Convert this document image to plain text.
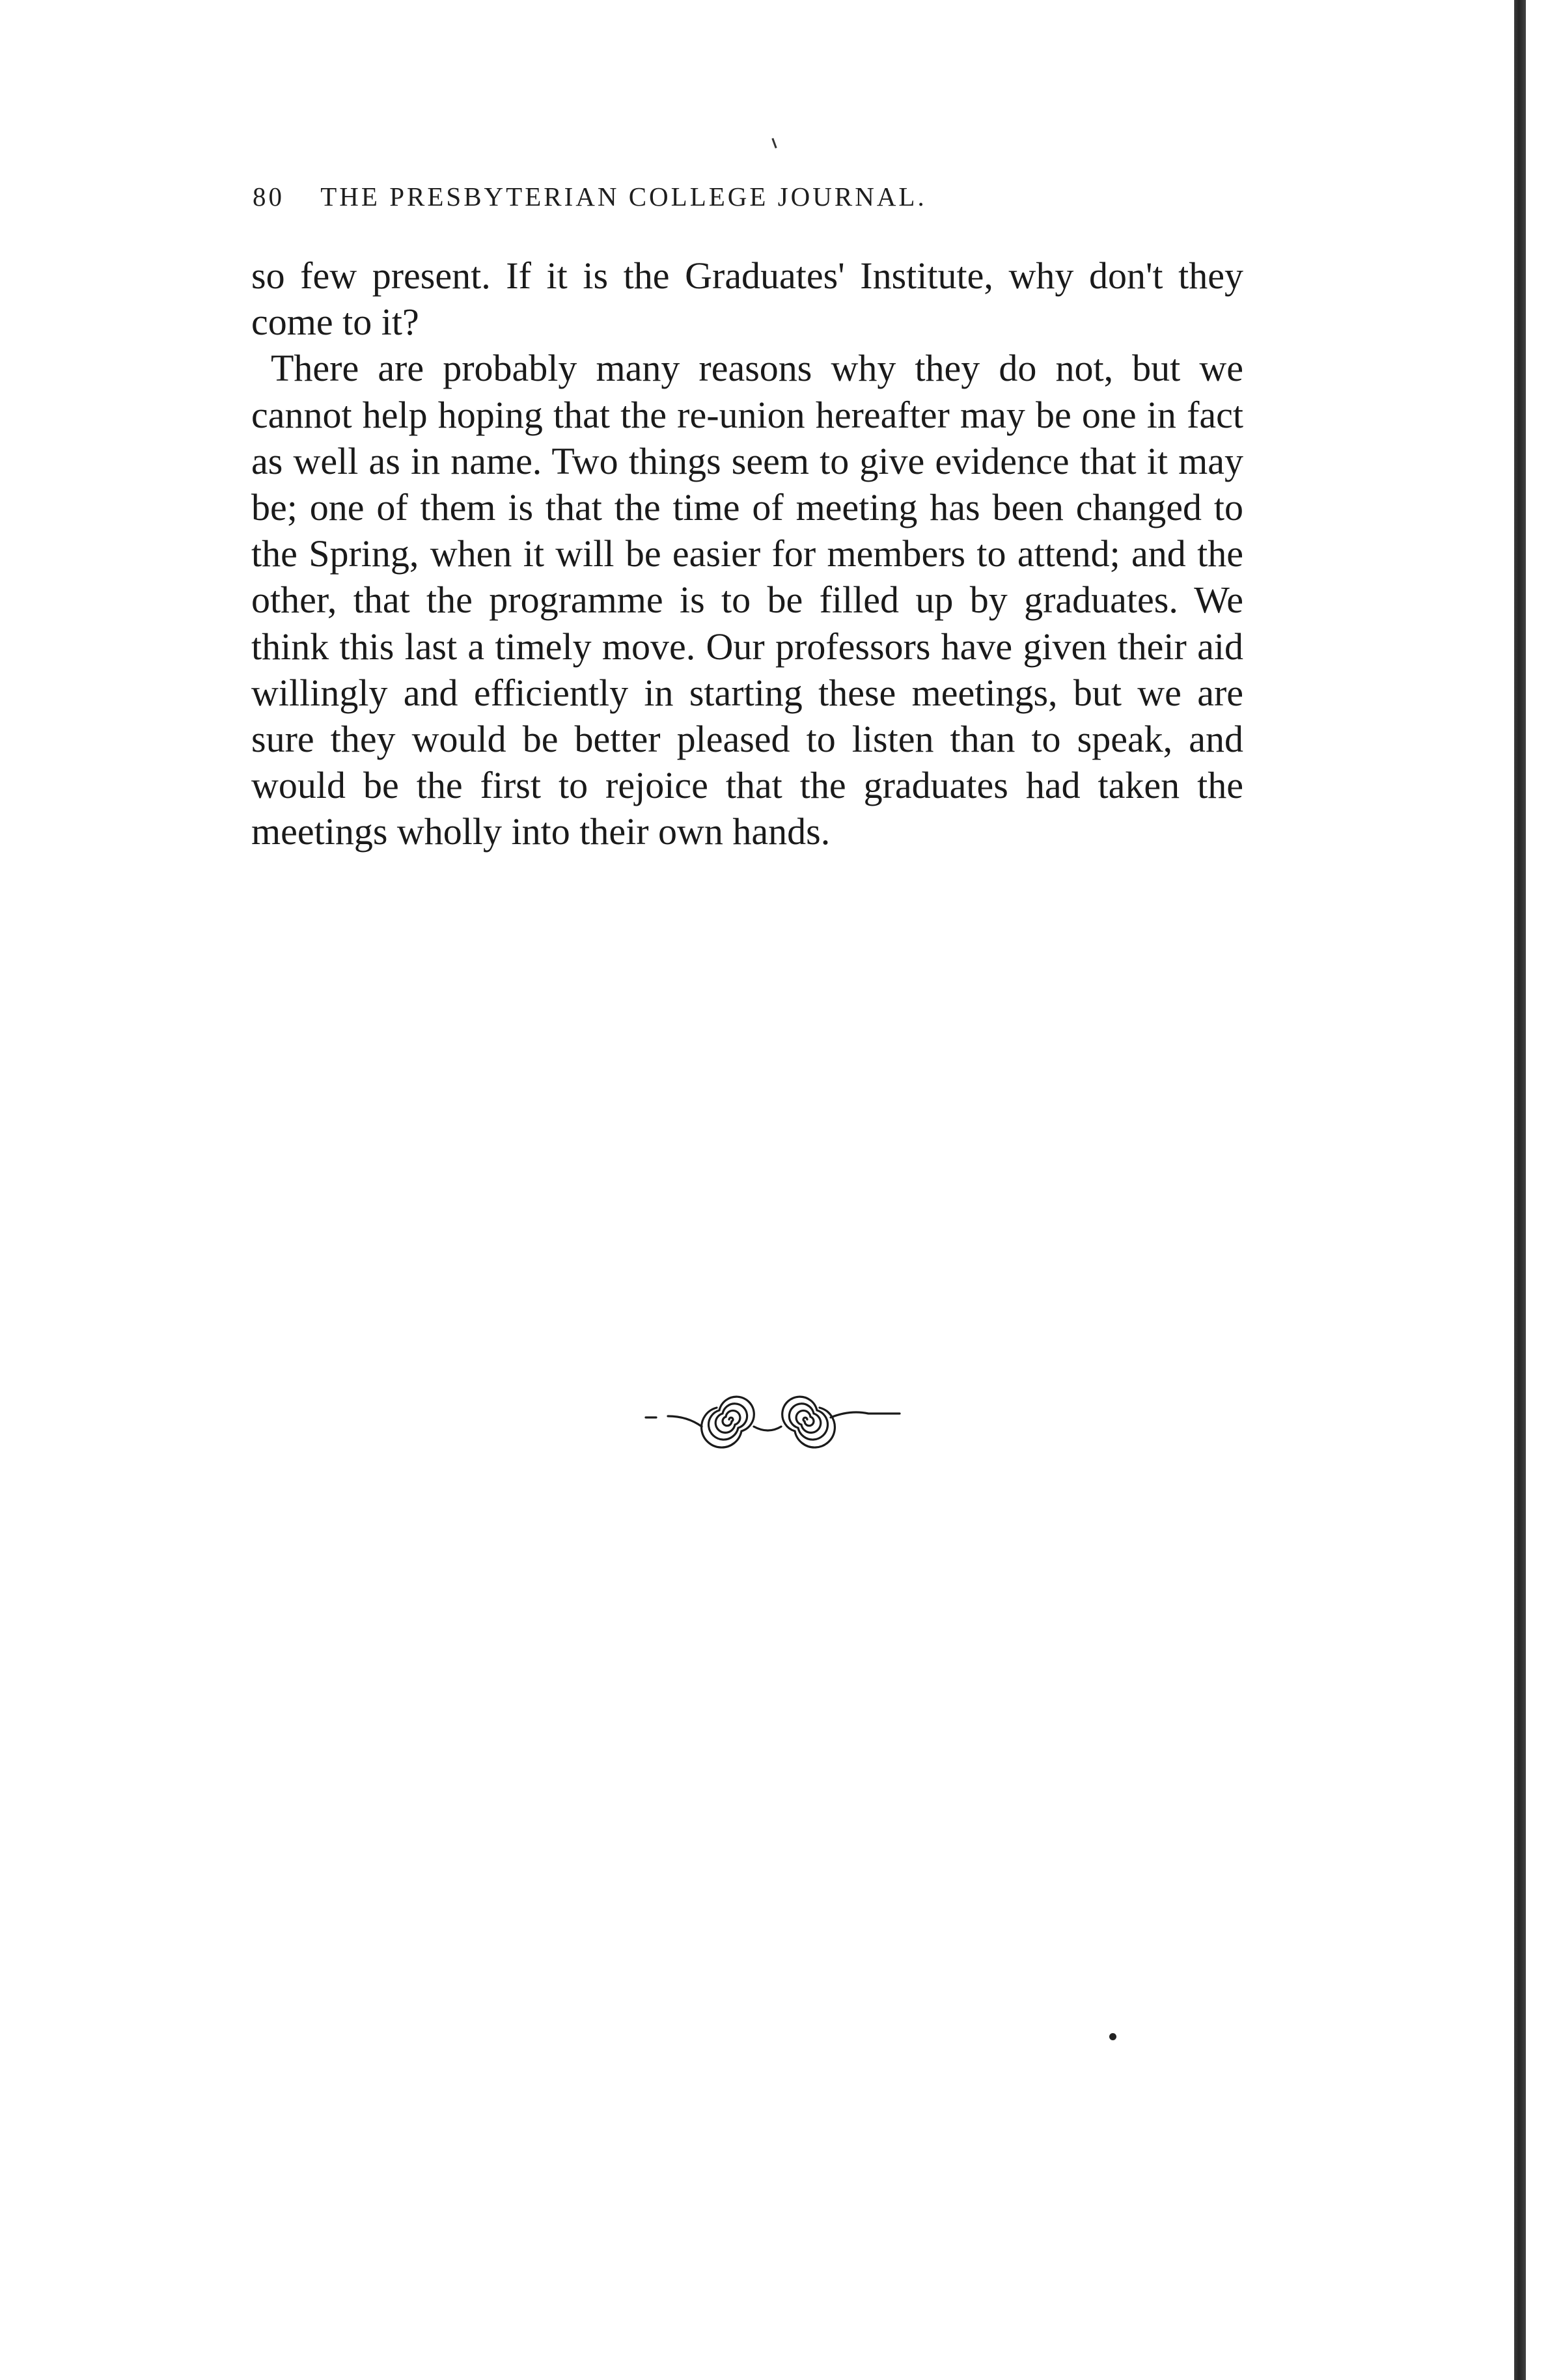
80 THE PRESBYTERIAN COLLEGE JOURNAL.

so few present. If it is the Graduates' Institute, why don't they come to it?

There are probably many reasons why they do not, but we cannot help hoping that the re-union hereafter may be one in fact as well as in name. Two things seem to give evidence that it may be; one of them is that the time of meeting has been changed to the Spring, when it will be easier for members to attend; and the other, that the programme is to be filled up by graduates. We think this last a timely move. Our professors have given their aid willingly and efficiently in starting these meetings, but we are sure they would be better pleased to listen than to speak, and would be the first to rejoice that the graduates had taken the meetings wholly into their own hands.
